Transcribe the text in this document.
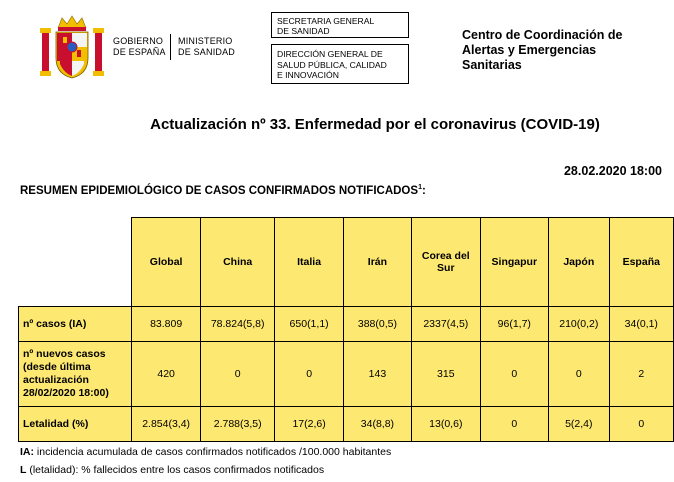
GOBIERNO
DE ESPAÑA
MINISTERIO
DE SANIDAD
SECRETARIA GENERAL
DE SANIDAD
DIRECCIÓN GENERAL DE
SALUD PÚBLICA, CALIDAD
E INNOVACIÓN
Centro de Coordinación de
Alertas y Emergencias
Sanitarias
Actualización nº 33. Enfermedad por el coronavirus (COVID-19)
28.02.2020 18:00
RESUMEN EPIDEMIOLÓGICO DE CASOS CONFIRMADOS NOTIFICADOS$^1$:
	Global	China	Italia	Irán	Corea del Sur	Singapur	Japón	España
nº casos (IA)	83.809	78.824(5,8)	650(1,1)	388(0,5)	2337(4,5)	96(1,7)	210(0,2)	34(0,1)
nº nuevos casos (desde última actualización 28/02/2020 18:00)	420	0	0	143	315	0	0	2
Letalidad (%)	2.854(3,4)	2.788(3,5)	17(2,6)	34(8,8)	13(0,6)	0	5(2,4)	0
IA: incidencia acumulada de casos confirmados notificados /100.000 habitantes
L (letalidad): % fallecidos entre los casos confirmados notificados
